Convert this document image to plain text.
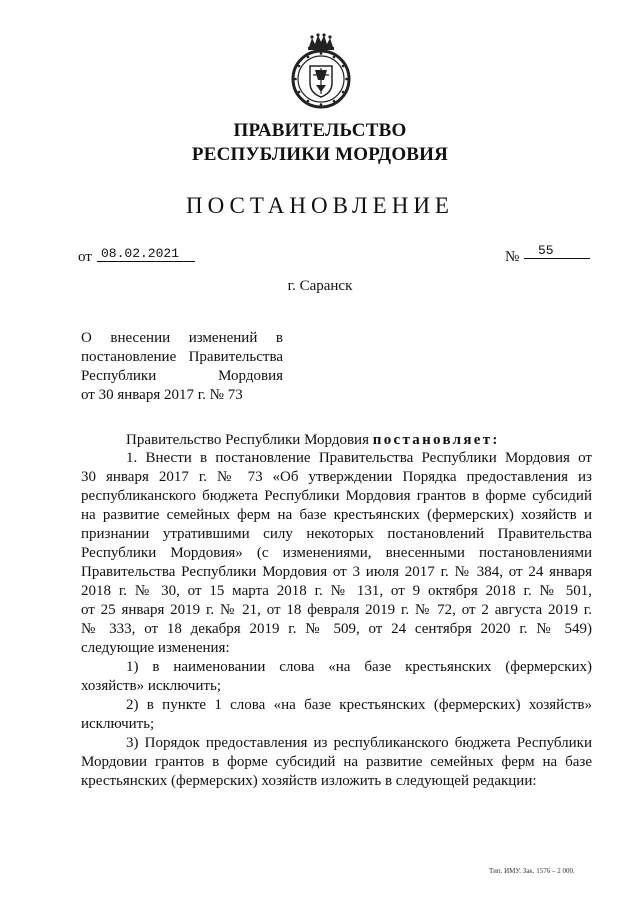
ПРАВИТЕЛЬСТВО
РЕСПУБЛИКИ МОРДОВИЯ
ПОСТАНОВЛЕНИЕ
от 08.02.2021	№	55
г. Саранск
О внесении изменений в
постановление Правительства
Республики Мордовия
от 30 января 2017 г. № 73
Правительство Республики Мордовия постановляет:
1. Внести в постановление Правительства Республики Мордовия от
30 января 2017 г. № 73 «Об утверждении Порядка предоставления из
республиканского бюджета Республики Мордовия грантов в форме субсидий
на развитие семейных ферм на базе крестьянских (фермерских) хозяйств и
признании утратившими силу некоторых постановлений Правительства
Республики Мордовия» (с изменениями, внесенными постановлениями
Правительства Республики Мордовия от 3 июля 2017 г. № 384, от 24 января
2018 г. № 30, от 15 марта 2018 г. № 131, от 9 октября 2018 г. № 501,
от 25 января 2019 г. № 21, от 18 февраля 2019 г. № 72, от 2 августа 2019 г.
№ 333, от 18 декабря 2019 г. № 509, от 24 сентября 2020 г. № 549)
следующие изменения:
1) в наименовании слова «на базе крестьянских (фермерских)
хозяйств» исключить;
2) в пункте 1 слова «на базе крестьянских (фермерских) хозяйств»
исключить;
3) Порядок предоставления из республиканского бюджета Республики
Мордовии грантов в форме субсидий на развитие семейных ферм на базе
крестьянских (фермерских) хозяйств изложить в следующей редакции:
Тип. ИМУ. Зак. 1576 – 2 000.
